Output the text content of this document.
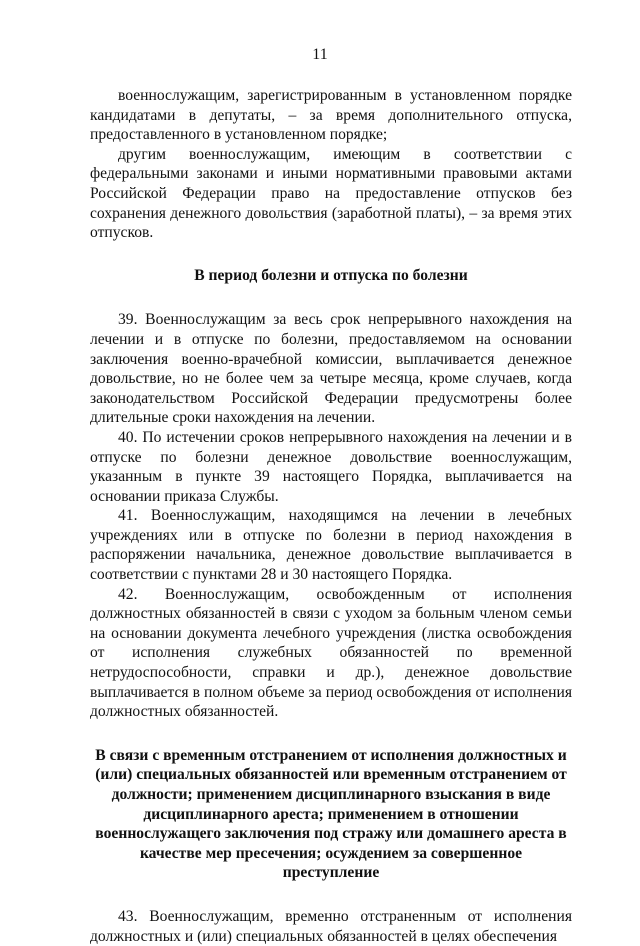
11

военнослужащим, зарегистрированным в установленном порядке кандидатами в депутаты, – за время дополнительного отпуска, предоставленного в установленном порядке;

другим военнослужащим, имеющим в соответствии с федеральными законами и иными нормативными правовыми актами Российской Федерации право на предоставление отпусков без сохранения денежного довольствия (заработной платы), – за время этих отпусков.

В период болезни и отпуска по болезни

39. Военнослужащим за весь срок непрерывного нахождения на лечении и в отпуске по болезни, предоставляемом на основании заключения военно-врачебной комиссии, выплачивается денежное довольствие, но не более чем за четыре месяца, кроме случаев, когда законодательством Российской Федерации предусмотрены более длительные сроки нахождения на лечении.

40. По истечении сроков непрерывного нахождения на лечении и в отпуске по болезни денежное довольствие военнослужащим, указанным в пункте 39 настоящего Порядка, выплачивается на основании приказа Службы.

41. Военнослужащим, находящимся на лечении в лечебных учреждениях или в отпуске по болезни в период нахождения в распоряжении начальника, денежное довольствие выплачивается в соответствии с пунктами 28 и 30 настоящего Порядка.

42. Военнослужащим, освобожденным от исполнения должностных обязанностей в связи с уходом за больным членом семьи на основании документа лечебного учреждения (листка освобождения от исполнения служебных обязанностей по временной нетрудоспособности, справки и др.), денежное довольствие выплачивается в полном объеме за период освобождения от исполнения должностных обязанностей.

В связи с временным отстранением от исполнения должностных и (или) специальных обязанностей или временным отстранением от должности; применением дисциплинарного взыскания в виде дисциплинарного ареста; применением в отношении военнослужащего заключения под стражу или домашнего ареста в качестве мер пресечения; осуждением за совершенное преступление

43. Военнослужащим, временно отстраненным от исполнения должностных и (или) специальных обязанностей в целях обеспечения
